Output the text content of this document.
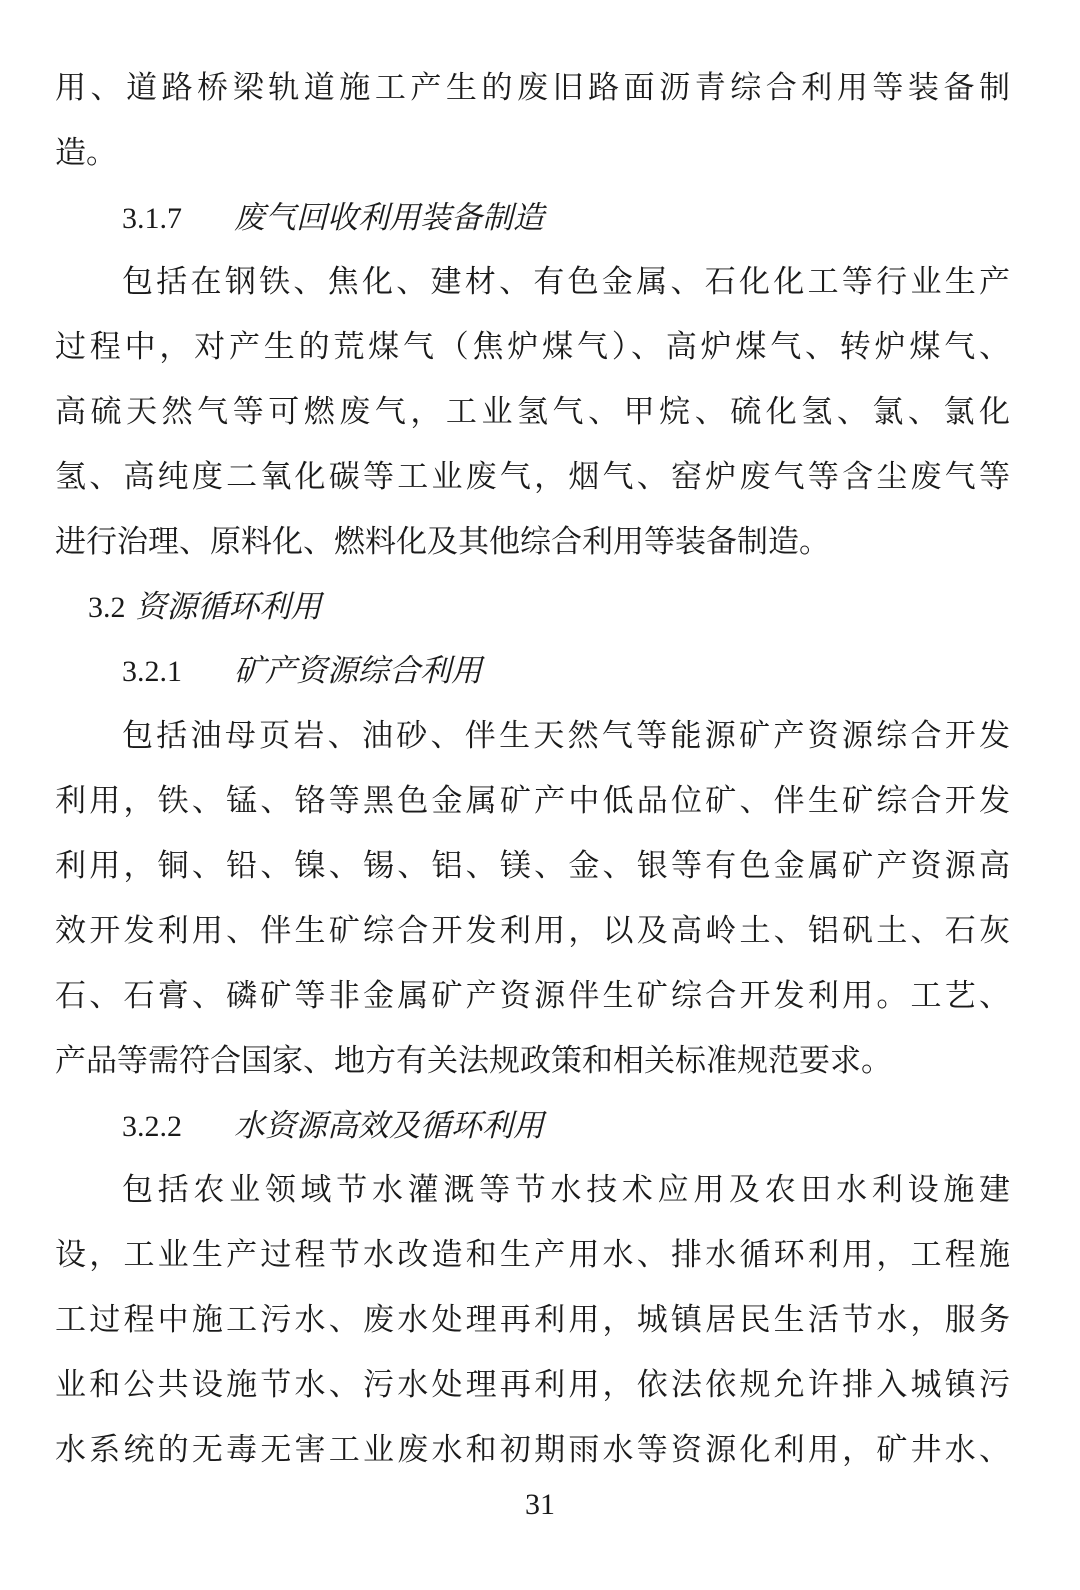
用、道路桥梁轨道施工产生的废旧路面沥青综合利用等装备制
造。
3.1.7 废气回收利用装备制造
包括在钢铁、焦化、建材、有色金属、石化化工等行业生产
过程中，对产生的荒煤气（焦炉煤气）、高炉煤气、转炉煤气、
高硫天然气等可燃废气，工业氢气、甲烷、硫化氢、氯、氯化
氢、高纯度二氧化碳等工业废气，烟气、窑炉废气等含尘废气等
进行治理、原料化、燃料化及其他综合利用等装备制造。
3.2 资源循环利用
3.2.1 矿产资源综合利用
包括油母页岩、油砂、伴生天然气等能源矿产资源综合开发
利用，铁、锰、铬等黑色金属矿产中低品位矿、伴生矿综合开发
利用，铜、铅、镍、锡、铝、镁、金、银等有色金属矿产资源高
效开发利用、伴生矿综合开发利用，以及高岭土、铝矾土、石灰
石、石膏、磷矿等非金属矿产资源伴生矿综合开发利用。工艺、
产品等需符合国家、地方有关法规政策和相关标准规范要求。
3.2.2 水资源高效及循环利用
包括农业领域节水灌溉等节水技术应用及农田水利设施建
设，工业生产过程节水改造和生产用水、排水循环利用，工程施
工过程中施工污水、废水处理再利用，城镇居民生活节水，服务
业和公共设施节水、污水处理再利用，依法依规允许排入城镇污
水系统的无毒无害工业废水和初期雨水等资源化利用，矿井水、
31
